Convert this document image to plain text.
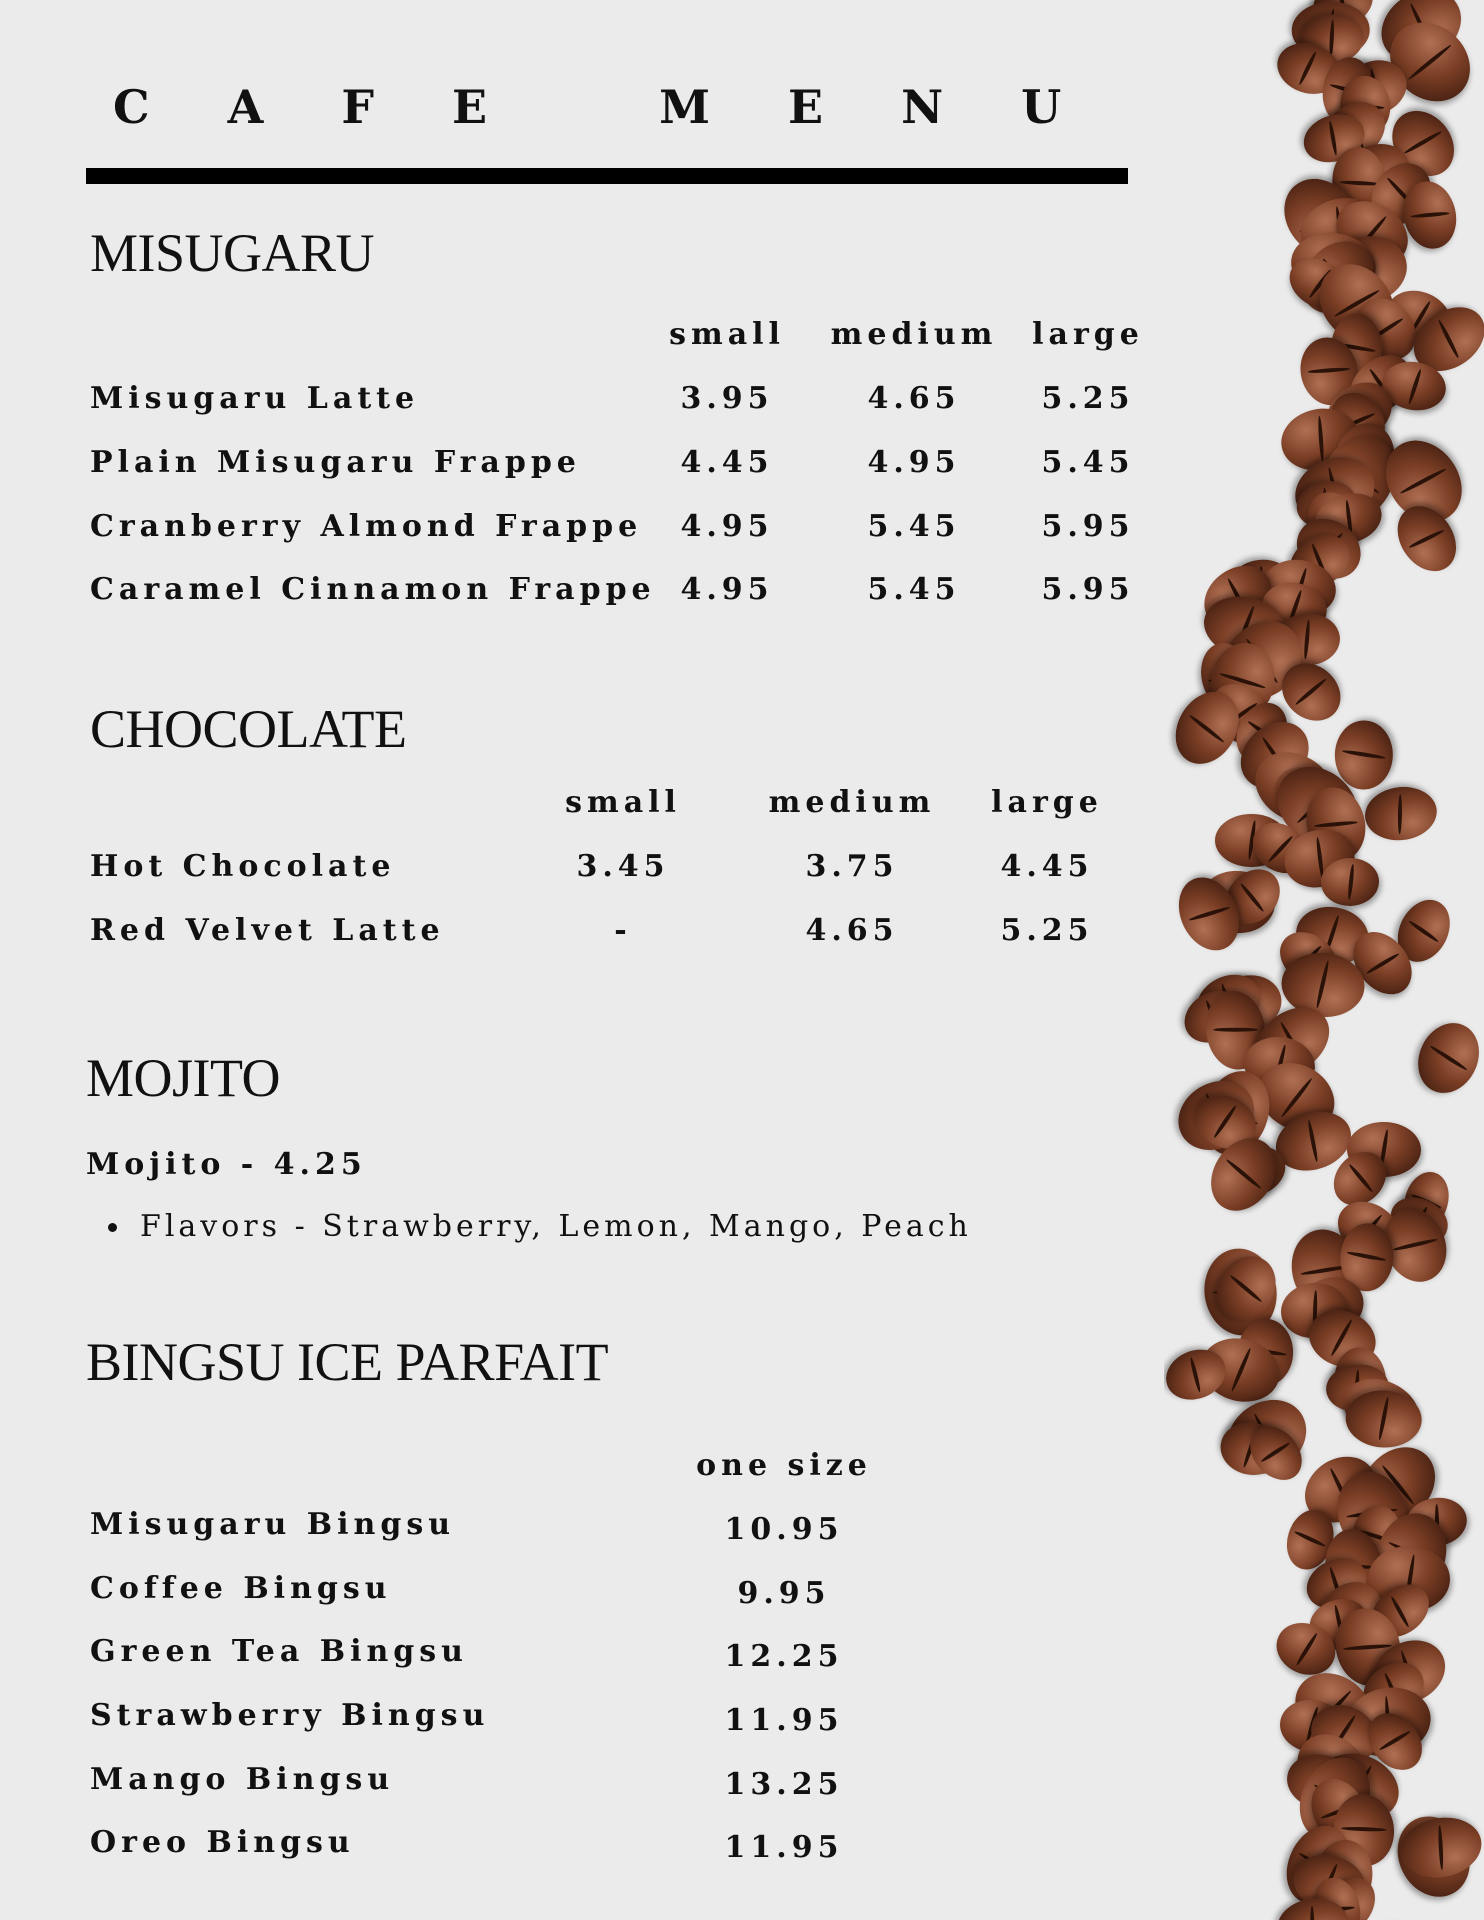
C A F E   M E N U
MISUGARU
small medium large
Misugaru Latte	3.95	4.65	5.25
Plain Misugaru Frappe	4.45	4.95	5.45
Cranberry Almond Frappe 4.95	5.45	5.95
Caramel Cinnamon Frappe 4.95	5.45	5.95
CHOCOLATE
small	medium large
Hot Chocolate	3.45	3.75	4.45
Red Velvet Latte	-	4.65	5.25
MOJITO
Mojito - 4.25
Flavors - Strawberry, Lemon, Mango, Peach
BINGSU ICE PARFAIT
one size
Misugaru Bingsu	10.95
Coffee Bingsu	9.95
Green Tea Bingsu	12.25
Strawberry Bingsu	11.95
Mango Bingsu	13.25
Oreo Bingsu	11.95
